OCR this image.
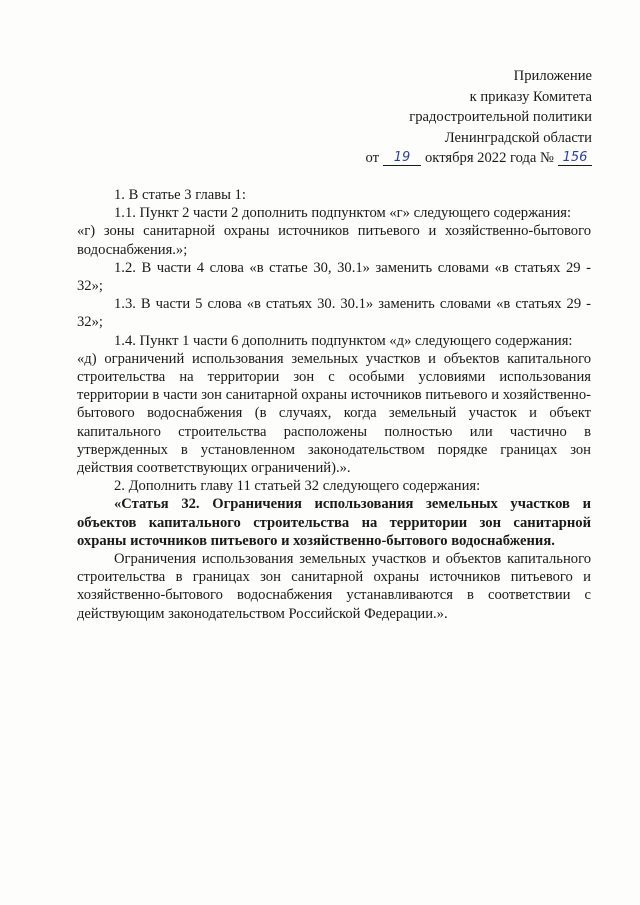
Приложение
к приказу Комитета
градостроительной политики
Ленинградской области
от 19 октября 2022 года № 156

1. В статье 3 главы 1:

1.1. Пункт 2 части 2 дополнить подпунктом «г» следующего содержания:

«г) зоны санитарной охраны источников питьевого и хозяйственно-бытового водоснабжения.»;

1.2. В части 4 слова «в статье 30, 30.1» заменить словами «в статьях 29 - 32»;

1.3. В части 5 слова «в статьях 30. 30.1» заменить словами «в статьях 29 - 32»;

1.4. Пункт 1 части 6 дополнить подпунктом «д» следующего содержания:

«д) ограничений использования земельных участков и объектов капитального строительства на территории зон с особыми условиями использования территории в части зон санитарной охраны источников питьевого и хозяйственно-бытового водоснабжения (в случаях, когда земельный участок и объект капитального строительства расположены полностью или частично в утвержденных в установленном законодательством порядке границах зон действия соответствующих ограничений).».

2. Дополнить главу 11 статьей 32 следующего содержания:

«Статья 32. Ограничения использования земельных участков и объектов капитального строительства на территории зон санитарной охраны источников питьевого и хозяйственно-бытового водоснабжения.

Ограничения использования земельных участков и объектов капитального строительства в границах зон санитарной охраны источников питьевого и хозяйственно-бытового водоснабжения устанавливаются в соответствии с действующим законодательством Российской Федерации.».
